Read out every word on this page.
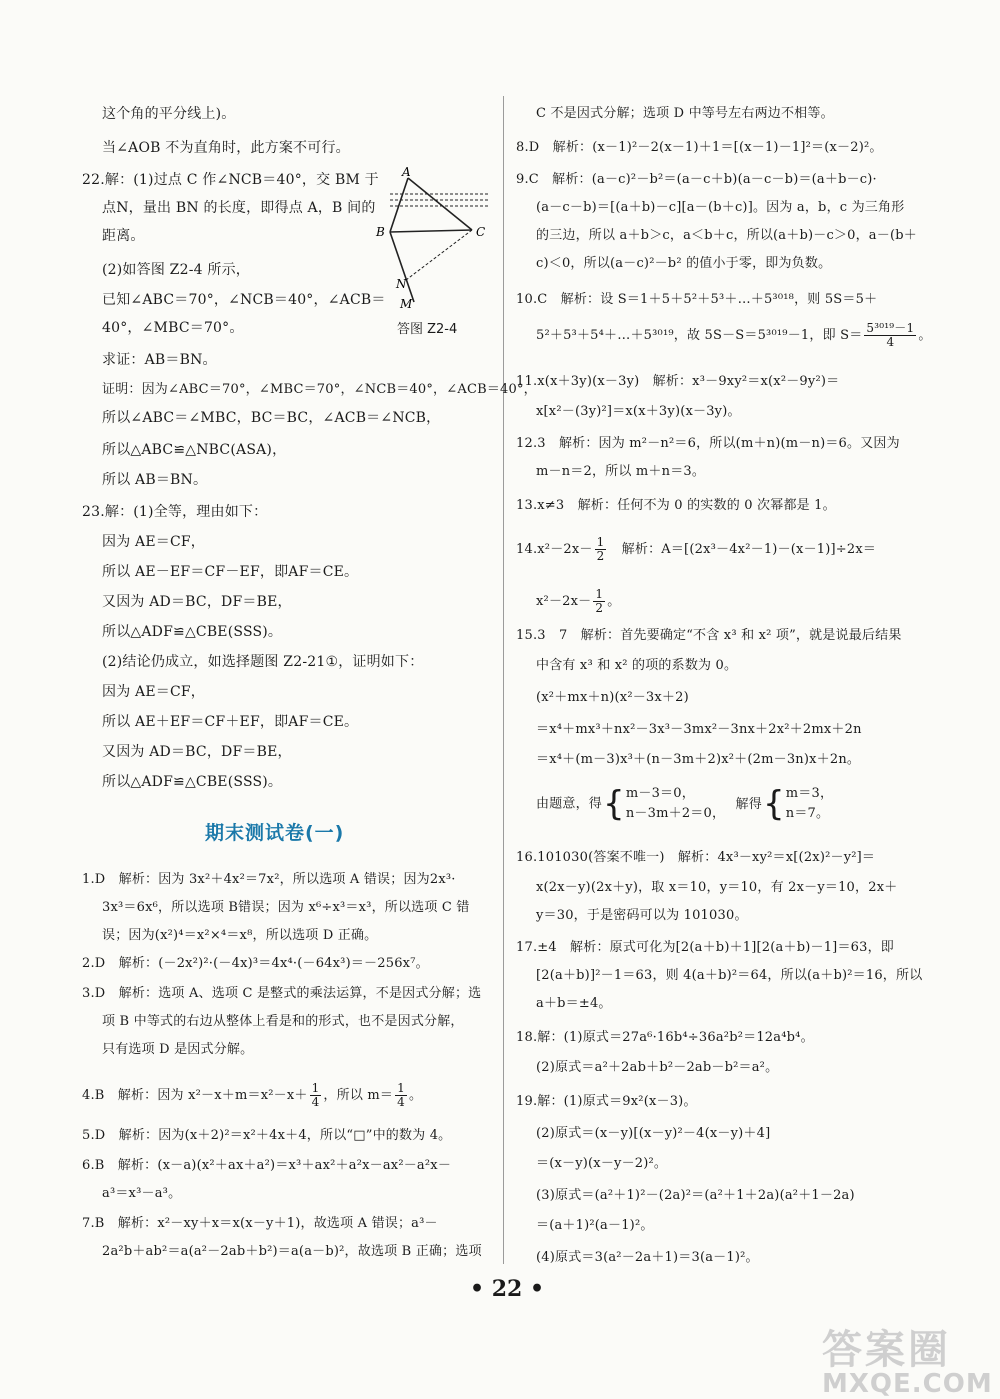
这个角的平分线上)。
当∠AOB 不为直角时，此方案不可行。
22.解：(1)过点 C 作∠NCB＝40°，交 BM 于
点N，量出 BN 的长度，即得点 A，B 间的
距离。
(2)如答图 Z2-4 所示，
已知∠ABC＝70°，∠NCB＝40°，∠ACB＝
40°，∠MBC＝70°。
求证：AB＝BN。
证明：因为∠ABC＝70°，∠MBC＝70°，∠NCB＝40°，∠ACB＝40°，
所以∠ABC＝∠MBC，BC＝BC，∠ACB＝∠NCB，
所以△ABC≌△NBC(ASA)，
所以 AB＝BN。
23.解：(1)全等，理由如下：
因为 AE＝CF，
所以 AE－EF＝CF－EF，即AF＝CE。
又因为 AD＝BC，DF＝BE，
所以△ADF≌△CBE(SSS)。
(2)结论仍成立，如选择题图 Z2-21①，证明如下：
因为 AE＝CF，
所以 AE＋EF＝CF＋EF，即AF＝CE。
又因为 AD＝BC，DF＝BE，
所以△ADF≌△CBE(SSS)。
1.D　解析：因为 3x²＋4x²＝7x²，所以选项 A 错误；因为2x³·
3x³＝6x⁶，所以选项 B错误；因为 x⁶÷x³＝x³，所以选项 C 错
误；因为(x²)⁴＝x²×⁴＝x⁸，所以选项 D 正确。
2.D　解析：(－2x²)²·(－4x)³＝4x⁴·(－64x³)＝－256x⁷。
3.D　解析：选项 A、选项 C 是整式的乘法运算，不是因式分解；选
项 B 中等式的右边从整体上看是和的形式，也不是因式分解，
只有选项 D 是因式分解。
4.B　解析：因为 $x^2-x+m=x^2-x+ \frac{1}{4}$ ，所以 $m= \frac{1}{4}$ 。
5.D　解析：因为(x＋2)²＝x²＋4x＋4，所以“□”中的数为 4。
6.B　解析：(x－a)(x²＋ax＋a²)＝x³＋ax²＋a²x－ax²－a²x－
a³＝x³－a³。
7.B　解析：x²－xy＋x＝x(x－y＋1)，故选项 A 错误；a³－
2a²b＋ab²＝a(a²－2ab＋b²)＝a(a－b)²，故选项 B 正确；选项
A
B	C
N
M
答图 Z2-4
期末测试卷(一)
C 不是因式分解；选项 D 中等号左右两边不相等。
8.D　解析：(x－1)²－2(x－1)＋1＝[(x－1)－1]²＝(x－2)²。
9.C　解析：(a－c)²－b²＝(a－c＋b)(a－c－b)＝(a＋b－c)·
(a－c－b)＝[(a＋b)－c][a－(b＋c)]。因为 a，b，c 为三角形
的三边，所以 a＋b＞c，a＜b＋c，所以(a＋b)－c＞0，a－(b＋
c)＜0，所以(a－c)²－b² 的值小于零，即为负数。
10.C　解析：设 S＝1＋5＋5²＋5³＋…＋5³⁰¹⁸，则 5S＝5＋
5²＋5³＋5⁴＋…＋5³⁰¹⁹，故 5S－S＝5³⁰¹⁹－1，即 $S= \frac{\text{5³⁰¹⁹－1}}{4}$ 。
11.x(x＋3y)(x－3y)　解析：x³－9xy²＝x(x²－9y²)＝
x[x²－(3y)²]＝x(x＋3y)(x－3y)。
12.3　解析：因为 m²－n²＝6，所以(m＋n)(m－n)＝6。又因为
m－n＝2，所以 m＋n＝3。
13.x≠3　解析：任何不为 0 的实数的 0 次幂都是 1。
$14.x^2-2x- \frac{1}{2}$ 　解析：A＝[(2x³－4x²－1)－(x－1)]÷2x＝
$x^2-2x- \frac{1}{2}$ 。
15.3　7　解析：首先要确定“不含 x³ 和 x² 项”，就是说最后结果
中含有 x³ 和 x² 的项的系数为 0。
(x²＋mx＋n)(x²－3x＋2)
＝x⁴＋mx³＋nx²－3x³－3mx²－3nx＋2x²＋2mx＋2n
＝x⁴＋(m－3)x³＋(n－3m＋2)x²＋(2m－3n)x＋2n。
由题意，得{ m－3＝0，
n－3m＋2＝0，
解得{ m＝3，
n＝7。
16.101030(答案不唯一)　解析：4x³－xy²＝x[(2x)²－y²]＝
x(2x－y)(2x＋y)，取 x＝10，y＝10，有 2x－y＝10，2x＋
y＝30，于是密码可以为 101030。
17.±4　解析：原式可化为[2(a＋b)＋1][2(a＋b)－1]＝63，即
[2(a＋b)]²－1＝63，则 4(a＋b)²＝64，所以(a＋b)²＝16，所以
a＋b＝±4。
18.解：(1)原式＝27a⁶·16b⁴÷36a²b²＝12a⁴b⁴。
(2)原式＝a²＋2ab＋b²－2ab－b²＝a²。
19.解：(1)原式＝9x²(x－3)。
(2)原式＝(x－y)[(x－y)²－4(x－y)＋4]
＝(x－y)(x－y－2)²。
(3)原式＝(a²＋1)²－(2a)²＝(a²＋1＋2a)(a²＋1－2a)
＝(a＋1)²(a－1)²。
(4)原式＝3(a²－2a＋1)＝3(a－1)²。
• 22 •
答案圈
MXQE.COM
